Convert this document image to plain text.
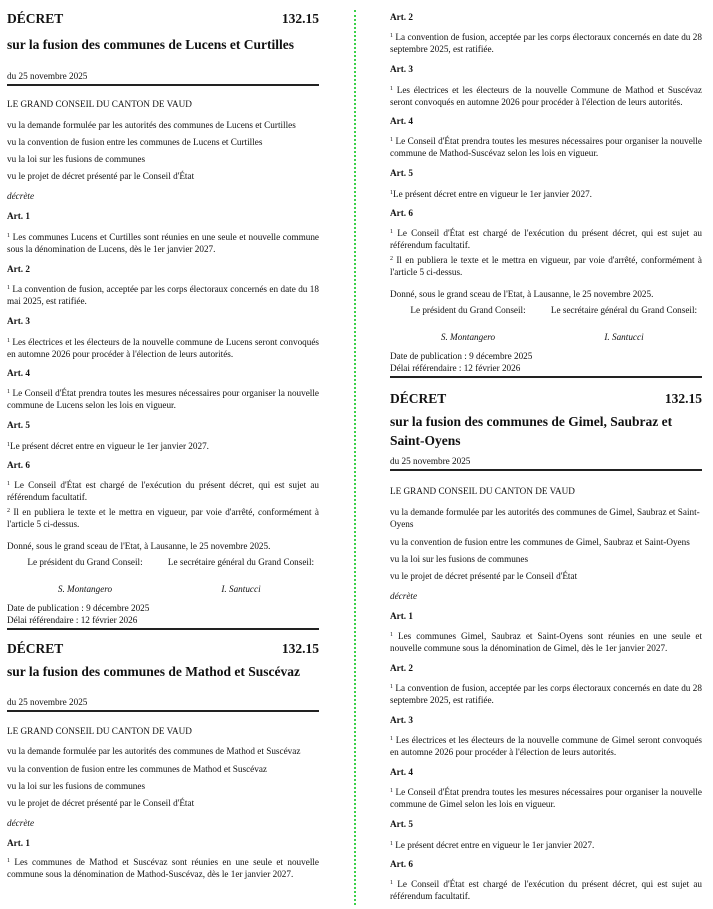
DÉCRET	132.15
sur la fusion des communes de Lucens et Curtilles
du 25 novembre 2025
LE GRAND CONSEIL DU CANTON DE VAUD
vu la demande formulée par les autorités des communes de Lucens et Curtilles
vu la convention de fusion entre les communes de Lucens et Curtilles
vu la loi sur les fusions de communes
vu le projet de décret présenté par le Conseil d'État
décrète
Art. 1
$^1$ Les communes Lucens et Curtilles sont réunies en une seule et nouvelle commune sous la dénomination de Lucens, dès le 1er janvier 2027.
Art. 2
$^1$ La convention de fusion, acceptée par les corps électoraux concernés en date du 18 mai 2025, est ratifiée.
Art. 3
$^1$ Les électrices et les électeurs de la nouvelle commune de Lucens seront convoqués en automne 2026 pour procéder à l'élection de leurs autorités.
Art. 4
$^1$ Le Conseil d'État prendra toutes les mesures nécessaires pour organiser la nouvelle commune de Lucens selon les lois en vigueur.
Art. 5
$^1$Le présent décret entre en vigueur le 1er janvier 2027.
Art. 6
$^1$ Le Conseil d'État est chargé de l'exécution du présent décret, qui est sujet au référendum facultatif.
$^2$ Il en publiera le texte et le mettra en vigueur, par voie d'arrêté, conformément à l'article 5 ci-dessus.
Donné, sous le grand sceau de l'Etat, à Lausanne, le 25 novembre 2025.
Le président du Grand Conseil:	Le secrétaire général du Grand Conseil:
S. Montangero	I. Santucci
Date de publication : 9 décembre 2025
Délai référendaire : 12 février 2026
DÉCRET	132.15
sur la fusion des communes de Mathod et Suscévaz
du 25 novembre 2025
LE GRAND CONSEIL DU CANTON DE VAUD
vu la demande formulée par les autorités des communes de Mathod et Suscévaz
vu la convention de fusion entre les communes de Mathod et Suscévaz
vu la loi sur les fusions de communes
vu le projet de décret présenté par le Conseil d'État
décrète
Art. 1
$^1$ Les communes de Mathod et Suscévaz sont réunies en une seule et nouvelle commune sous la dénomination de Mathod-Suscévaz, dès le 1er janvier 2027.
Art. 2
$^1$ La convention de fusion, acceptée par les corps électoraux concernés en date du 28 septembre 2025, est ratifiée.
Art. 3
$^1$ Les électrices et les électeurs de la nouvelle Commune de Mathod et Suscévaz seront convoqués en automne 2026 pour procéder à l'élection de leurs autorités.
Art. 4
$^1$ Le Conseil d'État prendra toutes les mesures nécessaires pour organiser la nouvelle commune de Mathod-Suscévaz selon les lois en vigueur.
Art. 5
$^1$Le présent décret entre en vigueur le 1er janvier 2027.
Art. 6
$^1$ Le Conseil d'État est chargé de l'exécution du présent décret, qui est sujet au référendum facultatif.
$^2$ Il en publiera le texte et le mettra en vigueur, par voie d'arrêté, conformément à l'article 5 ci-dessus.
Donné, sous le grand sceau de l'Etat, à Lausanne, le 25 novembre 2025.
Le président du Grand Conseil:	Le secrétaire général du Grand Conseil:
S. Montangero	I. Santucci
Date de publication : 9 décembre 2025
Délai référendaire : 12 février 2026
DÉCRET	132.15
sur la fusion des communes de Gimel, Saubraz et Saint-Oyens
du 25 novembre 2025
LE GRAND CONSEIL DU CANTON DE VAUD
vu la demande formulée par les autorités des communes de Gimel, Saubraz et Saint-Oyens
vu la convention de fusion entre les communes de Gimel, Saubraz et Saint-Oyens
vu la loi sur les fusions de communes
vu le projet de décret présenté par le Conseil d'État
décrète
Art. 1
$^1$ Les communes Gimel, Saubraz et Saint-Oyens sont réunies en une seule et nouvelle commune sous la dénomination de Gimel, dès le 1er janvier 2027.
Art. 2
$^1$ La convention de fusion, acceptée par les corps électoraux concernés en date du 28 septembre 2025, est ratifiée.
Art. 3
$^1$ Les électrices et les électeurs de la nouvelle commune de Gimel seront convoqués en automne 2026 pour procéder à l'élection de leurs autorités.
Art. 4
$^1$ Le Conseil d'État prendra toutes les mesures nécessaires pour organiser la nouvelle commune de Gimel selon les lois en vigueur.
Art. 5
$^1$ Le présent décret entre en vigueur le 1er janvier 2027.
Art. 6
$^1$ Le Conseil d'État est chargé de l'exécution du présent décret, qui est sujet au référendum facultatif.
